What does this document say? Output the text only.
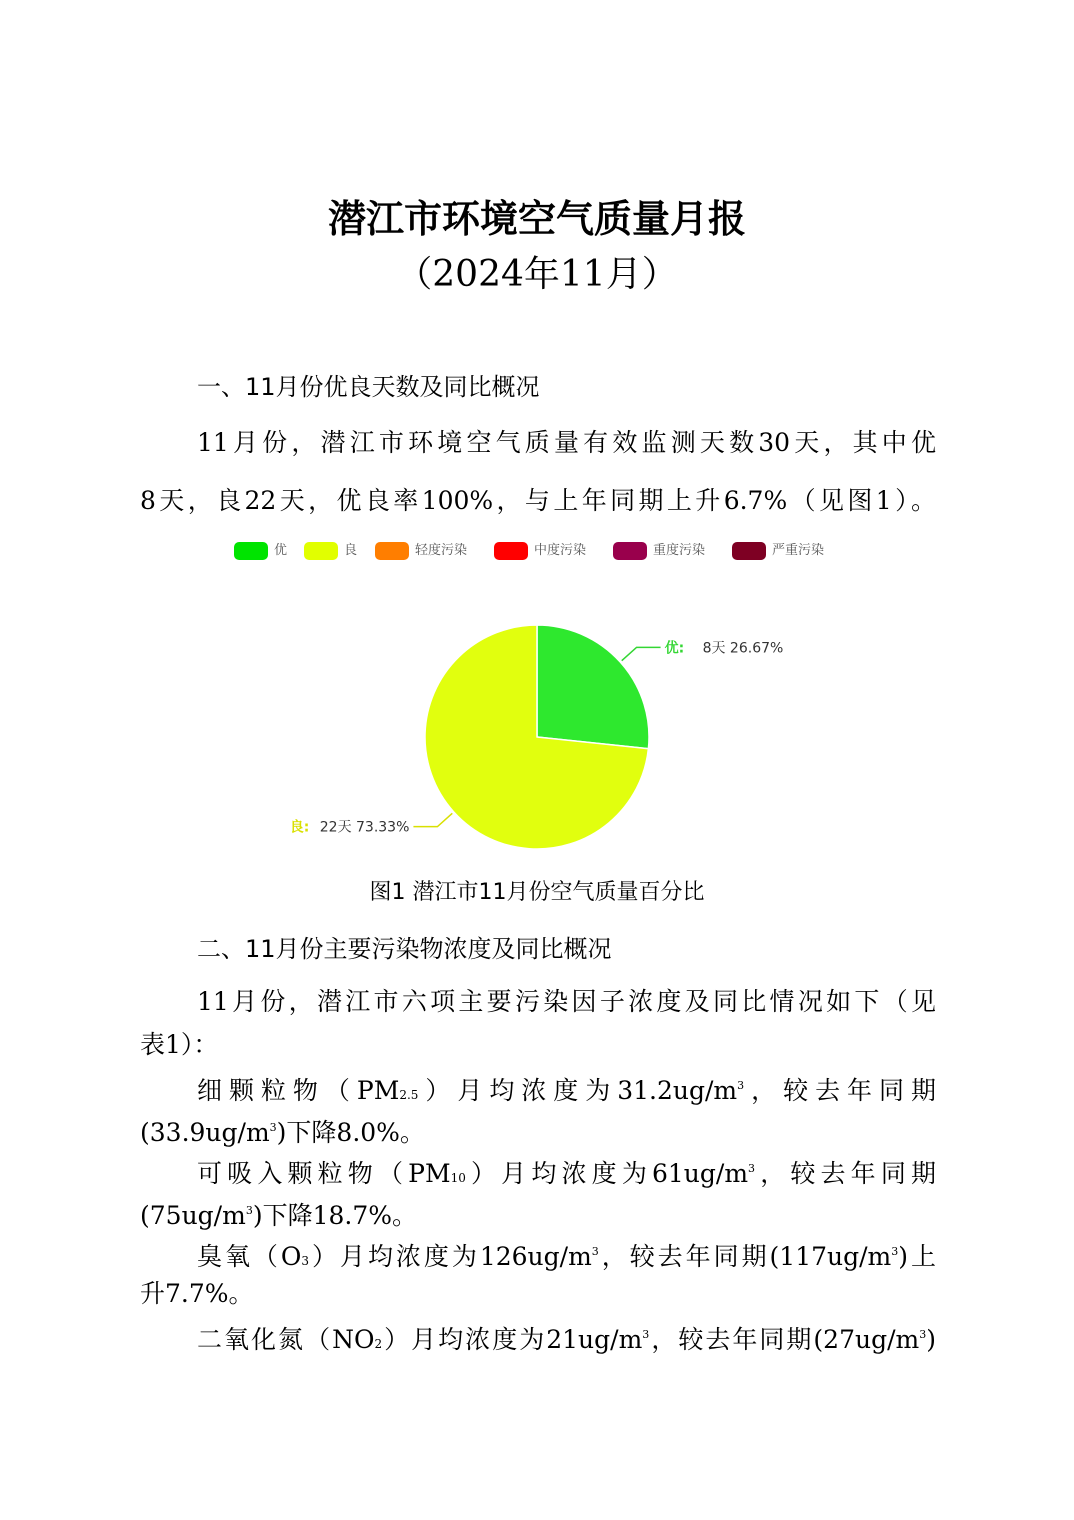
潜江市环境空气质量月报
（2024年11月）
一、11月份优良天数及同比概况
11月份，潜江市环境空气质量有效监测天数30天，其中优
8天，良22天，优良率100%，与上年同期上升6.7%（见图1）。
优	良	轻度污染	中度污染	重度污染	严重污染
优: 8天 26.67%
良: 22天 73.33%
图1 潜江市11月份空气质量百分比
二、11月份主要污染物浓度及同比概况
11月份，潜江市六项主要污染因子浓度及同比情况如下（见
表1）：
细颗粒物（PM2.5）月均浓度为$31.2ug/m^3$，较去年同期
$(33.9ug/m^3)$下降8.0%。
可吸入颗粒物（PM10）月均浓度为$61ug/m^3$，较去年同期
$(75ug/m^3)$下降18.7%。
臭氧（O3）月均浓度为$126ug/m^3$，较去年同期$(117ug/m^3)$上
升7.7%。
二氧化氮（NO2）月均浓度为$21ug/m^3$，较去年同期$(27ug/m^3)$
